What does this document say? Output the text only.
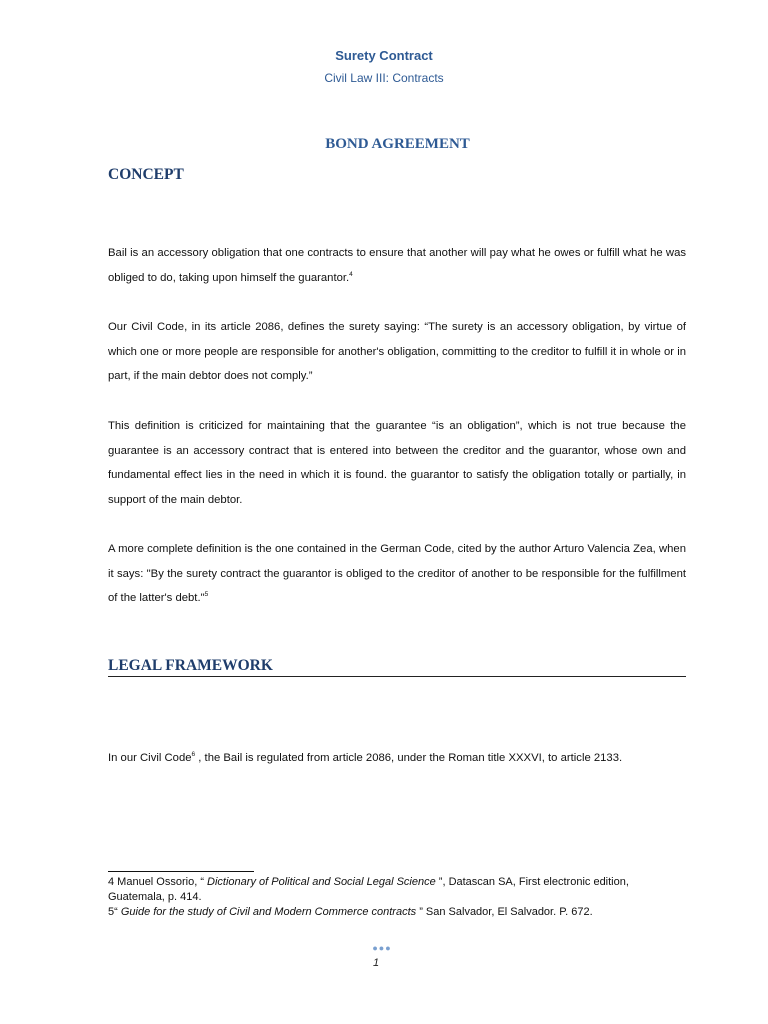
Surety Contract
Civil Law III: Contracts
BOND AGREEMENT
CONCEPT

Bail is an accessory obligation that one contracts to ensure that another will pay what he owes or fulfill what he was obliged to do, taking upon himself the guarantor.$^4$

Our Civil Code, in its article 2086, defines the surety saying: “The surety is an accessory obligation, by virtue of which one or more people are responsible for another's obligation, committing to the creditor to fulfill it in whole or in part, if the main debtor does not comply.”

This definition is criticized for maintaining that the guarantee “is an obligation”, which is not true because the guarantee is an accessory contract that is entered into between the creditor and the guarantor, whose own and fundamental effect lies in the need in which it is found. the guarantor to satisfy the obligation totally or partially, in support of the main debtor.

A more complete definition is the one contained in the German Code, cited by the author Arturo Valencia Zea, when it says: "By the surety contract the guarantor is obliged to the creditor of another to be responsible for the fulfillment of the latter's debt."$^5$

LEGAL FRAMEWORK

In our Civil Code$^6$ , the Bail is regulated from article 2086, under the Roman title XXXVI, to article 2133.

4 Manuel Ossorio, “ Dictionary of Political and Social Legal Science ”, Datascan SA, First electronic edition, Guatemala, p. 414.
5“ Guide for the study of Civil and Modern Commerce contracts ” San Salvador, El Salvador. P. 672.
●●●
1
